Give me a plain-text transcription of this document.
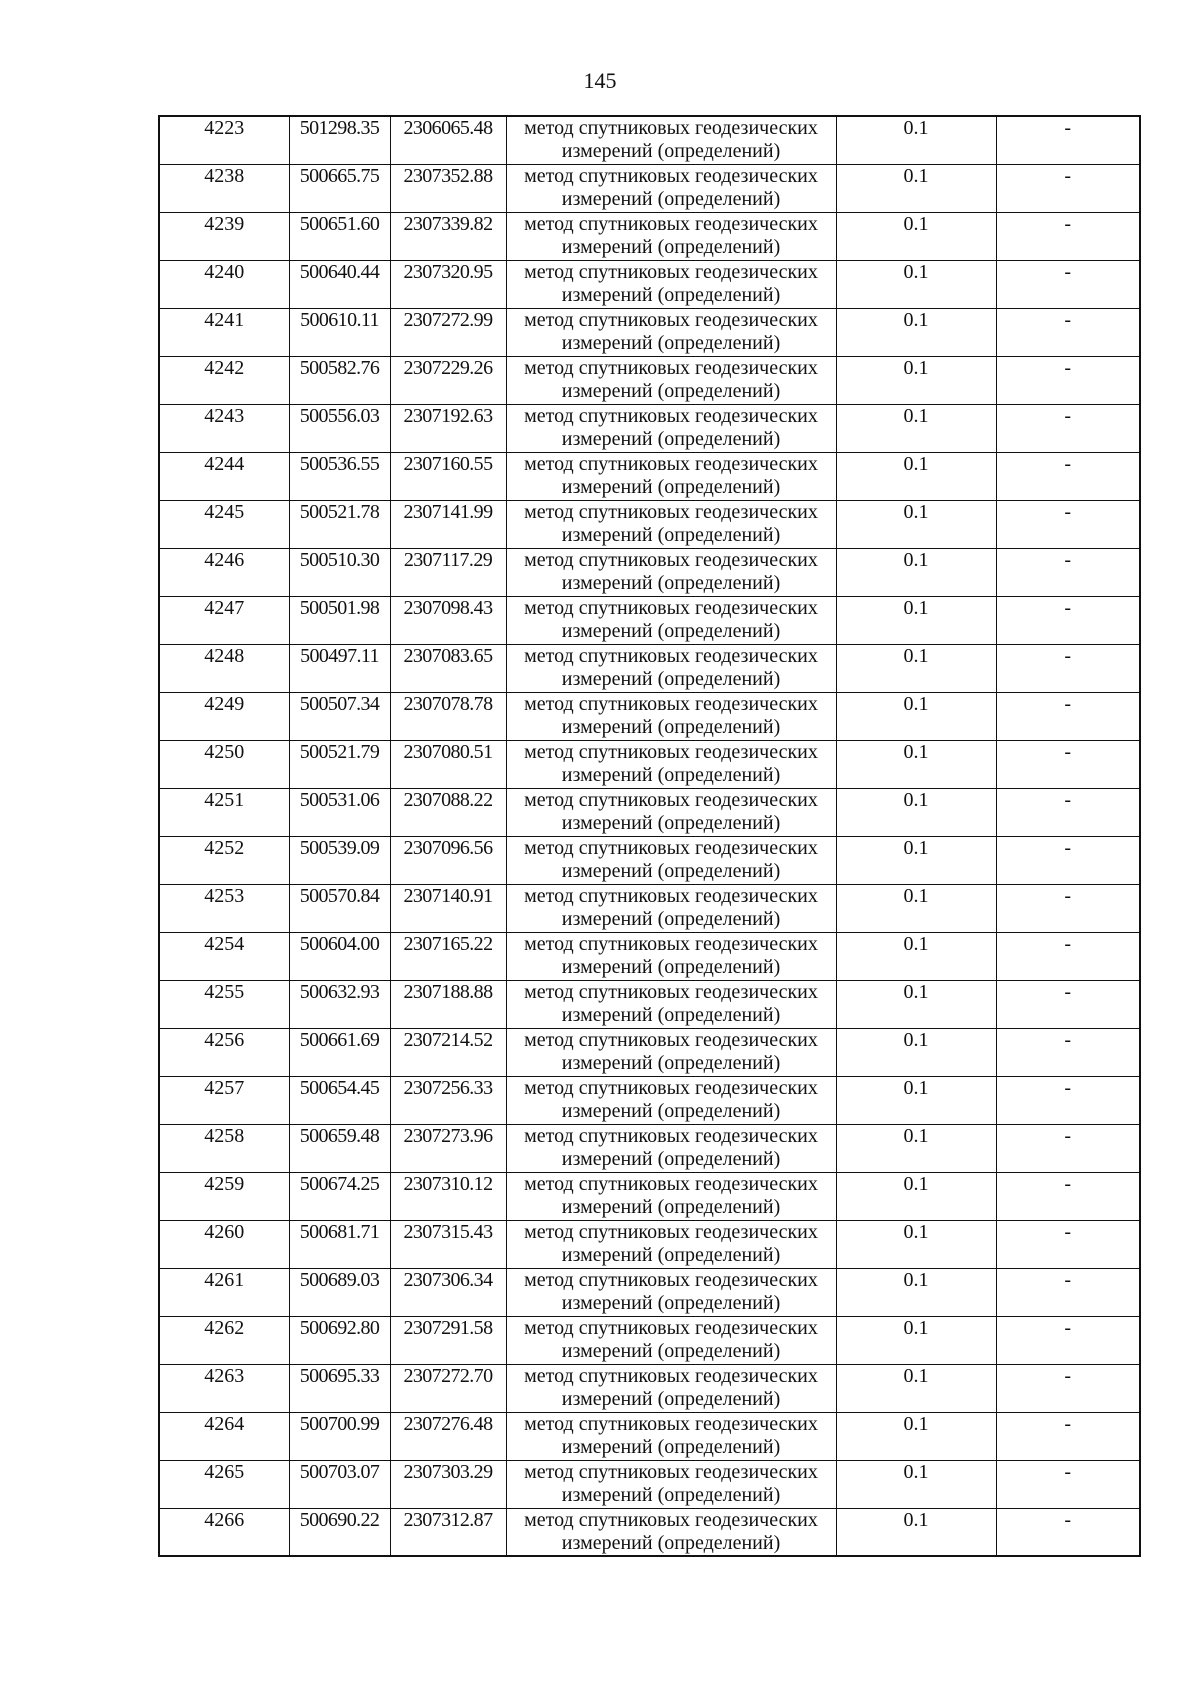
145
4223	501298.35	2306065.48	метод спутниковых геодезических измерений (определений)	0.1	-
4238	500665.75	2307352.88	метод спутниковых геодезических измерений (определений)	0.1	-
4239	500651.60	2307339.82	метод спутниковых геодезических измерений (определений)	0.1	-
4240	500640.44	2307320.95	метод спутниковых геодезических измерений (определений)	0.1	-
4241	500610.11	2307272.99	метод спутниковых геодезических измерений (определений)	0.1	-
4242	500582.76	2307229.26	метод спутниковых геодезических измерений (определений)	0.1	-
4243	500556.03	2307192.63	метод спутниковых геодезических измерений (определений)	0.1	-
4244	500536.55	2307160.55	метод спутниковых геодезических измерений (определений)	0.1	-
4245	500521.78	2307141.99	метод спутниковых геодезических измерений (определений)	0.1	-
4246	500510.30	2307117.29	метод спутниковых геодезических измерений (определений)	0.1	-
4247	500501.98	2307098.43	метод спутниковых геодезических измерений (определений)	0.1	-
4248	500497.11	2307083.65	метод спутниковых геодезических измерений (определений)	0.1	-
4249	500507.34	2307078.78	метод спутниковых геодезических измерений (определений)	0.1	-
4250	500521.79	2307080.51	метод спутниковых геодезических измерений (определений)	0.1	-
4251	500531.06	2307088.22	метод спутниковых геодезических измерений (определений)	0.1	-
4252	500539.09	2307096.56	метод спутниковых геодезических измерений (определений)	0.1	-
4253	500570.84	2307140.91	метод спутниковых геодезических измерений (определений)	0.1	-
4254	500604.00	2307165.22	метод спутниковых геодезических измерений (определений)	0.1	-
4255	500632.93	2307188.88	метод спутниковых геодезических измерений (определений)	0.1	-
4256	500661.69	2307214.52	метод спутниковых геодезических измерений (определений)	0.1	-
4257	500654.45	2307256.33	метод спутниковых геодезических измерений (определений)	0.1	-
4258	500659.48	2307273.96	метод спутниковых геодезических измерений (определений)	0.1	-
4259	500674.25	2307310.12	метод спутниковых геодезических измерений (определений)	0.1	-
4260	500681.71	2307315.43	метод спутниковых геодезических измерений (определений)	0.1	-
4261	500689.03	2307306.34	метод спутниковых геодезических измерений (определений)	0.1	-
4262	500692.80	2307291.58	метод спутниковых геодезических измерений (определений)	0.1	-
4263	500695.33	2307272.70	метод спутниковых геодезических измерений (определений)	0.1	-
4264	500700.99	2307276.48	метод спутниковых геодезических измерений (определений)	0.1	-
4265	500703.07	2307303.29	метод спутниковых геодезических измерений (определений)	0.1	-
4266	500690.22	2307312.87	метод спутниковых геодезических измерений (определений)	0.1	-
